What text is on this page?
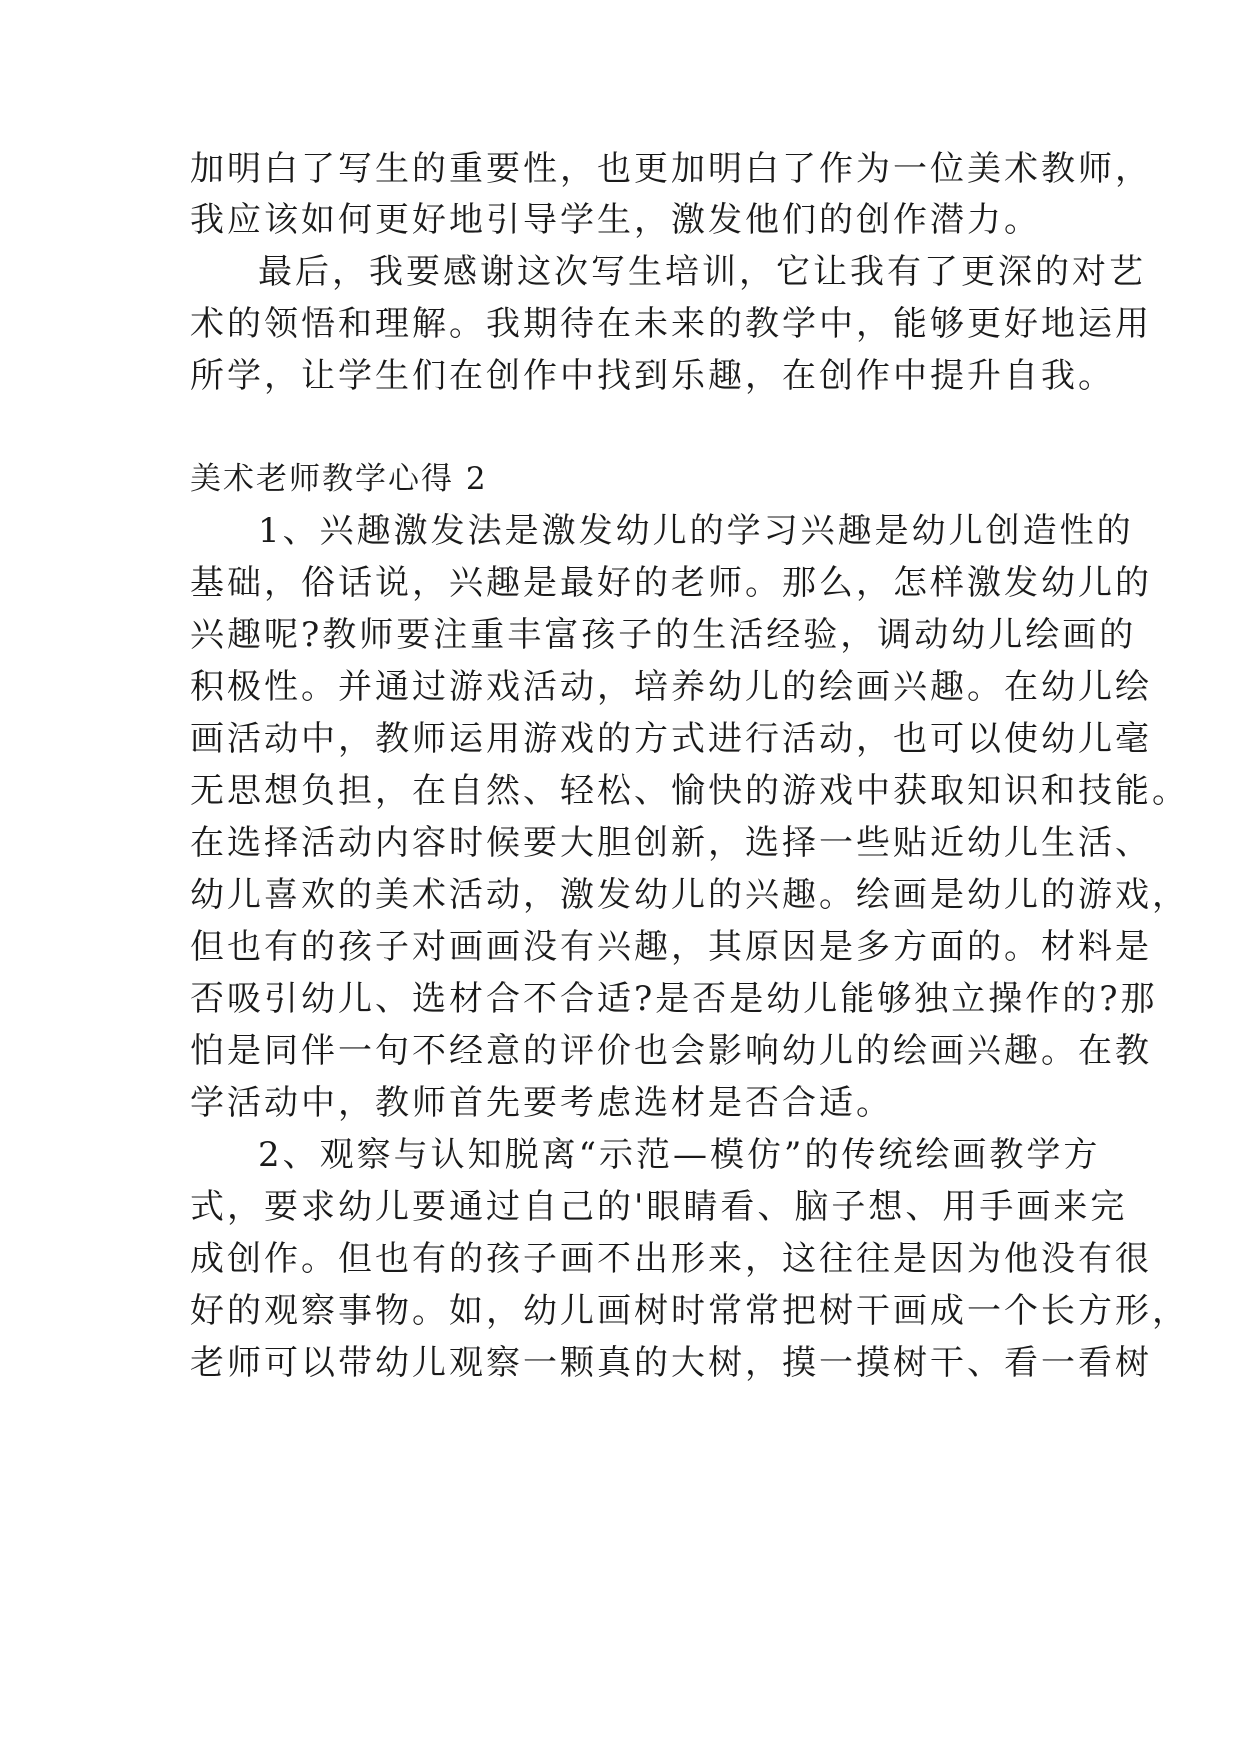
加明白了写生的重要性，也更加明白了作为一位美术教师，
我应该如何更好地引导学生，激发他们的创作潜力。
最后，我要感谢这次写生培训，它让我有了更深的对艺
术的领悟和理解。我期待在未来的教学中，能够更好地运用
所学，让学生们在创作中找到乐趣，在创作中提升自我。
美术老师教学心得 2
1、兴趣激发法是激发幼儿的学习兴趣是幼儿创造性的
基础，俗话说，兴趣是最好的老师。那么，怎样激发幼儿的
兴趣呢?教师要注重丰富孩子的生活经验，调动幼儿绘画的
积极性。并通过游戏活动，培养幼儿的绘画兴趣。在幼儿绘
画活动中，教师运用游戏的方式进行活动，也可以使幼儿毫
无思想负担，在自然、轻松、愉快的游戏中获取知识和技能。
在选择活动内容时候要大胆创新，选择一些贴近幼儿生活、
幼儿喜欢的美术活动，激发幼儿的兴趣。绘画是幼儿的游戏，
但也有的孩子对画画没有兴趣，其原因是多方面的。材料是
否吸引幼儿、选材合不合适?是否是幼儿能够独立操作的?那
怕是同伴一句不经意的评价也会影响幼儿的绘画兴趣。在教
学活动中，教师首先要考虑选材是否合适。
2、观察与认知脱离“示范—模仿”的传统绘画教学方
式，要求幼儿要通过自己的'眼睛看、脑子想、用手画来完
成创作。但也有的孩子画不出形来，这往往是因为他没有很
好的观察事物。如，幼儿画树时常常把树干画成一个长方形，
老师可以带幼儿观察一颗真的大树，摸一摸树干、看一看树
